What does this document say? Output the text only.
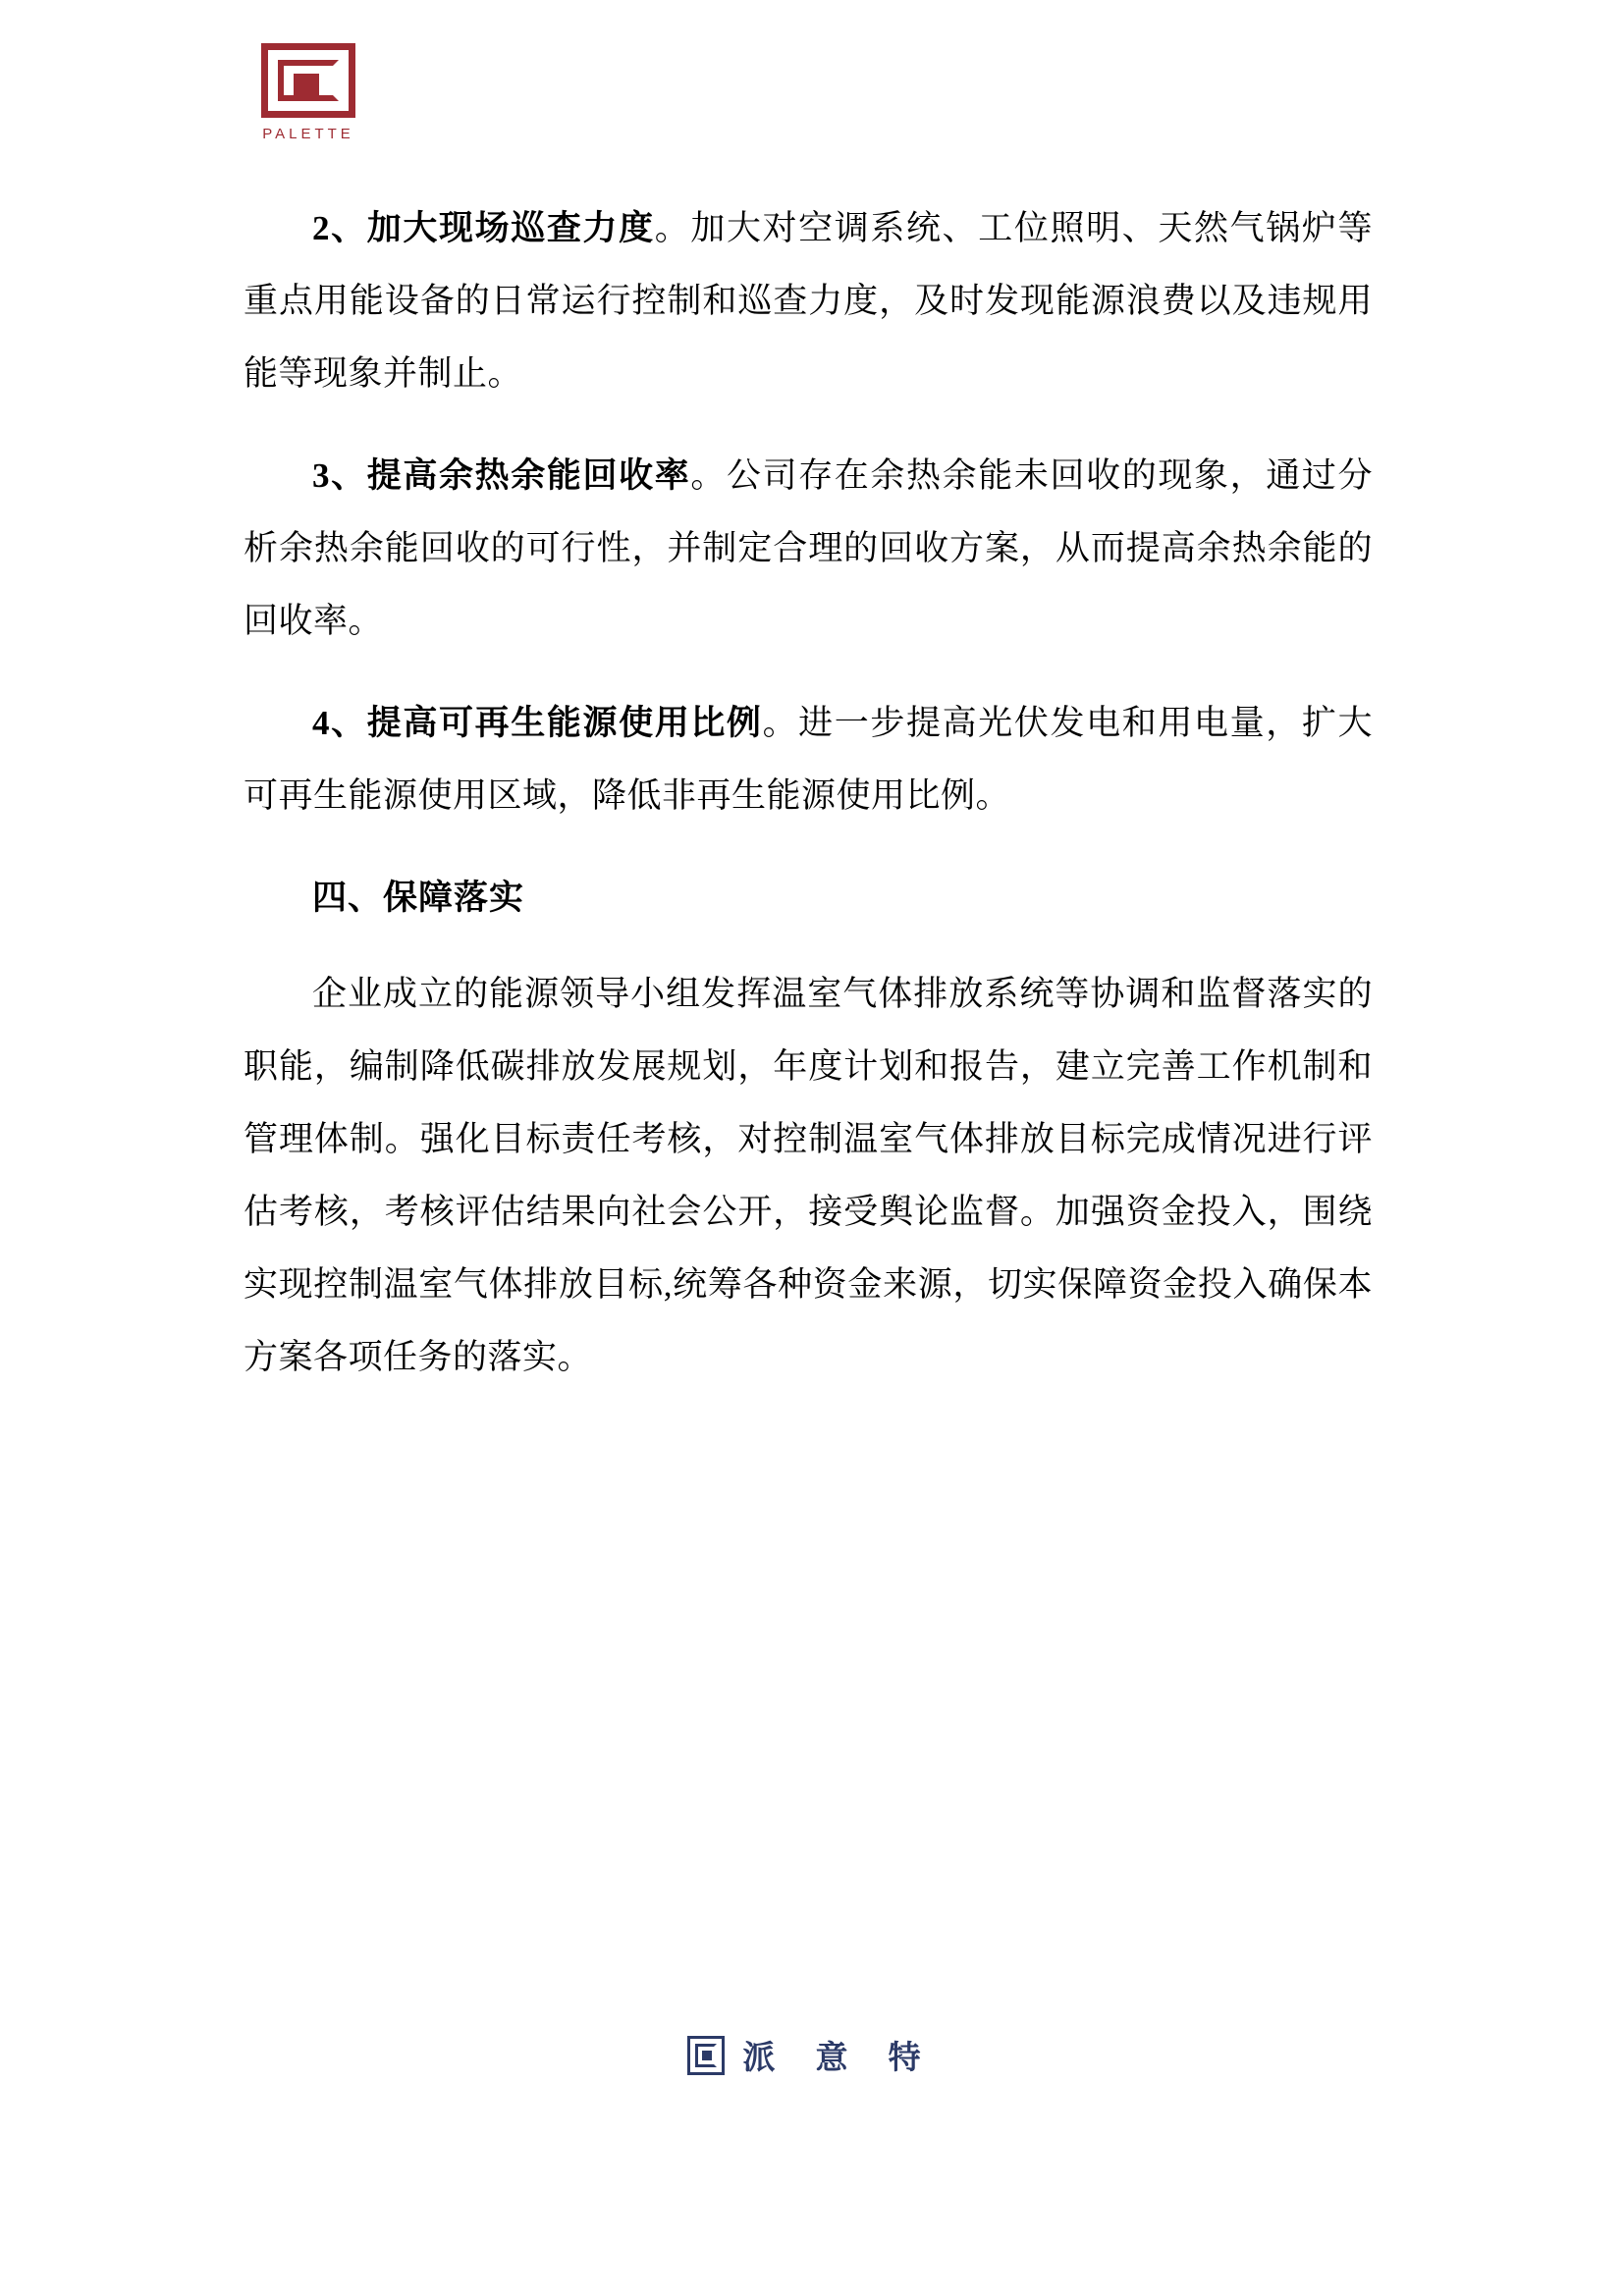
PALETTE

2、加大现场巡查力度。加大对空调系统、工位照明、天然气锅炉等重点用能设备的日常运行控制和巡查力度，及时发现能源浪费以及违规用能等现象并制止。

3、提高余热余能回收率。公司存在余热余能未回收的现象，通过分析余热余能回收的可行性，并制定合理的回收方案，从而提高余热余能的回收率。

4、提高可再生能源使用比例。进一步提高光伏发电和用电量，扩大可再生能源使用区域，降低非再生能源使用比例。

四、保障落实

企业成立的能源领导小组发挥温室气体排放系统等协调和监督落实的职能，编制降低碳排放发展规划，年度计划和报告，建立完善工作机制和管理体制。强化目标责任考核，对控制温室气体排放目标完成情况进行评估考核，考核评估结果向社会公开，接受舆论监督。加强资金投入，围绕实现控制温室气体排放目标,统筹各种资金来源，切实保障资金投入确保本方案各项任务的落实。

派 意 特
